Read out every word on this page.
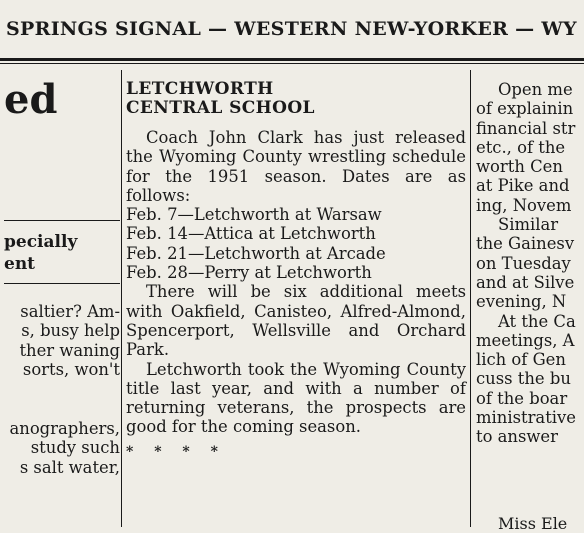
SPRINGS SIGNAL — WESTERN NEW-YORKER — WY
ed

pecially

ent

saltier? Am-

s, busy help

ther waning

sorts, won't

anographers,

study such

s salt water,

LETCHWORTH

CENTRAL SCHOOL

Coach John Clark has just released the Wyoming County wrestling schedule for the 1951 season. Dates are as follows:

Feb. 7—Letchworth at Warsaw

Feb. 14—Attica at Letchworth

Feb. 21—Letchworth at Arcade

Feb. 28—Perry at Letchworth

There will be six additional meets with Oakfield, Canisteo, Alfred-Almond, Spencerport, Wellsville and Orchard Park.

Letchworth took the Wyoming County title last year, and with a number of returning veterans, the prospects are good for the coming season.

* * * *

Open me

of explainin

financial str

etc., of the

worth Cen

at Pike and

ing, Novem

Similar

the Gainesv

on Tuesday

and at Silve

evening, N

At the Ca

meetings, A

lich of Gen

cuss the bu

of the boar

ministrative

to answer

Miss Ele
